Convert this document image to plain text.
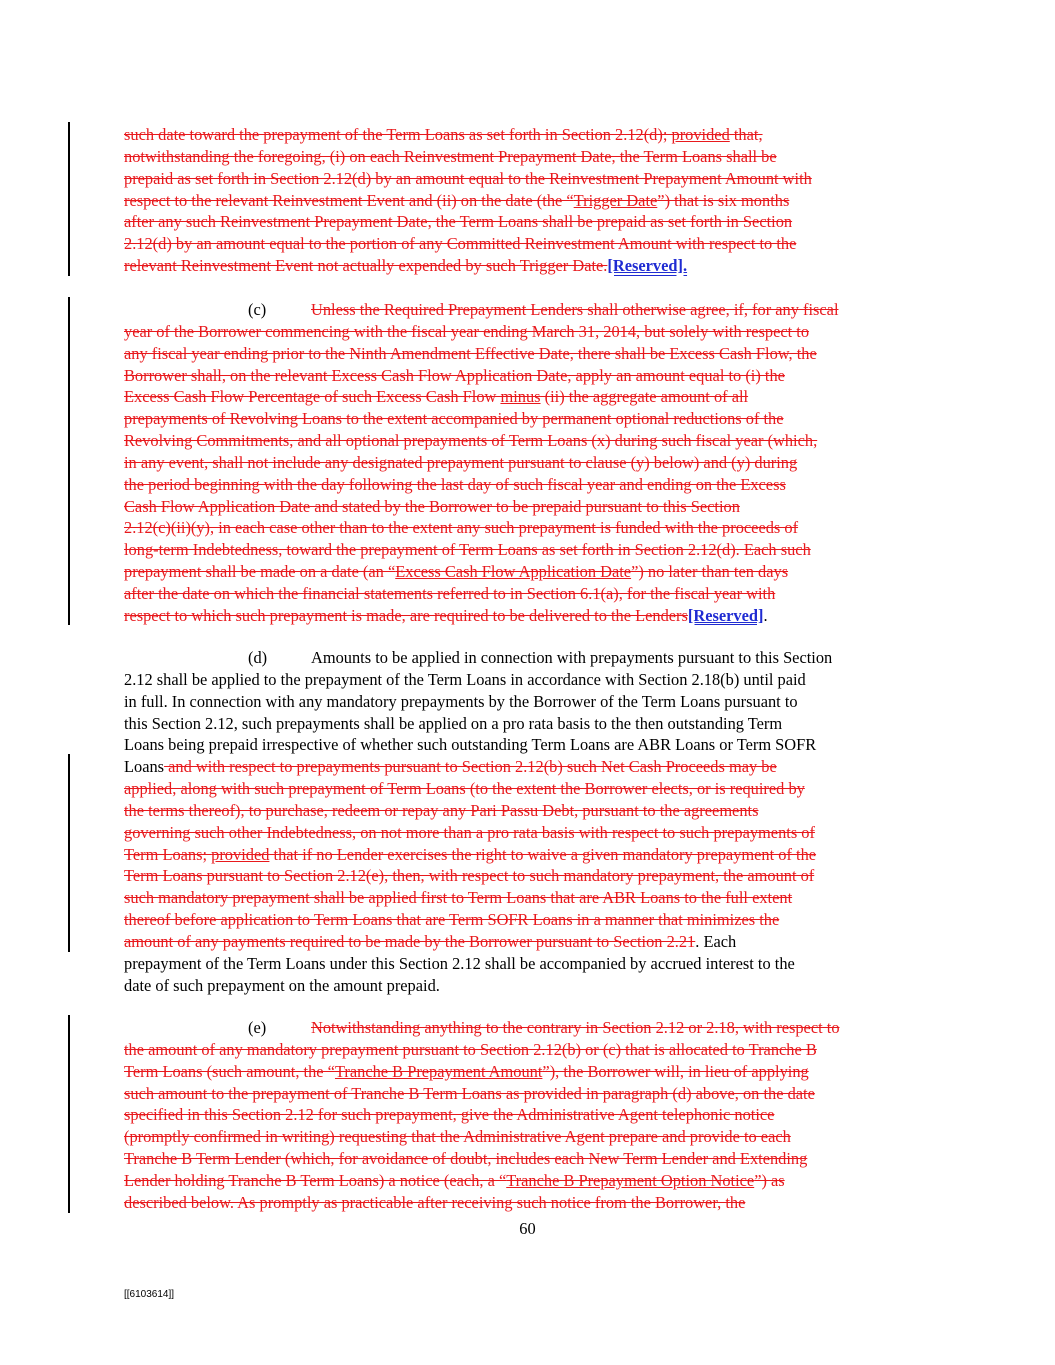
such date toward the prepayment of the Term Loans as set forth in Section 2.12(d); provided that,
notwithstanding the foregoing, (i) on each Reinvestment Prepayment Date, the Term Loans shall be
prepaid as set forth in Section 2.12(d) by an amount equal to the Reinvestment Prepayment Amount with
respect to the relevant Reinvestment Event and (ii) on the date (the “Trigger Date”) that is six months
after any such Reinvestment Prepayment Date, the Term Loans shall be prepaid as set forth in Section
2.12(d) by an amount equal to the portion of any Committed Reinvestment Amount with respect to the
relevant Reinvestment Event not actually expended by such Trigger Date.[Reserved].
(c)	Unless the Required Prepayment Lenders shall otherwise agree, if, for any fiscal
year of the Borrower commencing with the fiscal year ending March 31, 2014, but solely with respect to
any fiscal year ending prior to the Ninth Amendment Effective Date, there shall be Excess Cash Flow, the
Borrower shall, on the relevant Excess Cash Flow Application Date, apply an amount equal to (i) the
Excess Cash Flow Percentage of such Excess Cash Flow minus (ii) the aggregate amount of all
prepayments of Revolving Loans to the extent accompanied by permanent optional reductions of the
Revolving Commitments, and all optional prepayments of Term Loans (x) during such fiscal year (which,
in any event, shall not include any designated prepayment pursuant to clause (y) below) and (y) during
the period beginning with the day following the last day of such fiscal year and ending on the Excess
Cash Flow Application Date and stated by the Borrower to be prepaid pursuant to this Section
2.12(c)(ii)(y), in each case other than to the extent any such prepayment is funded with the proceeds of
long-term Indebtedness, toward the prepayment of Term Loans as set forth in Section 2.12(d). Each such
prepayment shall be made on a date (an “Excess Cash Flow Application Date”) no later than ten days
after the date on which the financial statements referred to in Section 6.1(a), for the fiscal year with
respect to which such prepayment is made, are required to be delivered to the Lenders[Reserved].
(d)	Amounts to be applied in connection with prepayments pursuant to this Section
2.12 shall be applied to the prepayment of the Term Loans in accordance with Section 2.18(b) until paid
in full. In connection with any mandatory prepayments by the Borrower of the Term Loans pursuant to
this Section 2.12, such prepayments shall be applied on a pro rata basis to the then outstanding Term
Loans being prepaid irrespective of whether such outstanding Term Loans are ABR Loans or Term SOFR
Loans and with respect to prepayments pursuant to Section 2.12(b) such Net Cash Proceeds may be
applied, along with such prepayment of Term Loans (to the extent the Borrower elects, or is required by
the terms thereof), to purchase, redeem or repay any Pari Passu Debt, pursuant to the agreements
governing such other Indebtedness, on not more than a pro rata basis with respect to such prepayments of
Term Loans; provided that if no Lender exercises the right to waive a given mandatory prepayment of the
Term Loans pursuant to Section 2.12(e), then, with respect to such mandatory prepayment, the amount of
such mandatory prepayment shall be applied first to Term Loans that are ABR Loans to the full extent
thereof before application to Term Loans that are Term SOFR Loans in a manner that minimizes the
amount of any payments required to be made by the Borrower pursuant to Section 2.21. Each
prepayment of the Term Loans under this Section 2.12 shall be accompanied by accrued interest to the
date of such prepayment on the amount prepaid.
(e)	Notwithstanding anything to the contrary in Section 2.12 or 2.18, with respect to
the amount of any mandatory prepayment pursuant to Section 2.12(b) or (c) that is allocated to Tranche B
Term Loans (such amount, the “Tranche B Prepayment Amount”), the Borrower will, in lieu of applying
such amount to the prepayment of Tranche B Term Loans as provided in paragraph (d) above, on the date
specified in this Section 2.12 for such prepayment, give the Administrative Agent telephonic notice
(promptly confirmed in writing) requesting that the Administrative Agent prepare and provide to each
Tranche B Term Lender (which, for avoidance of doubt, includes each New Term Lender and Extending
Lender holding Tranche B Term Loans) a notice (each, a “Tranche B Prepayment Option Notice”) as
described below. As promptly as practicable after receiving such notice from the Borrower, the
60
[[6103614]]
